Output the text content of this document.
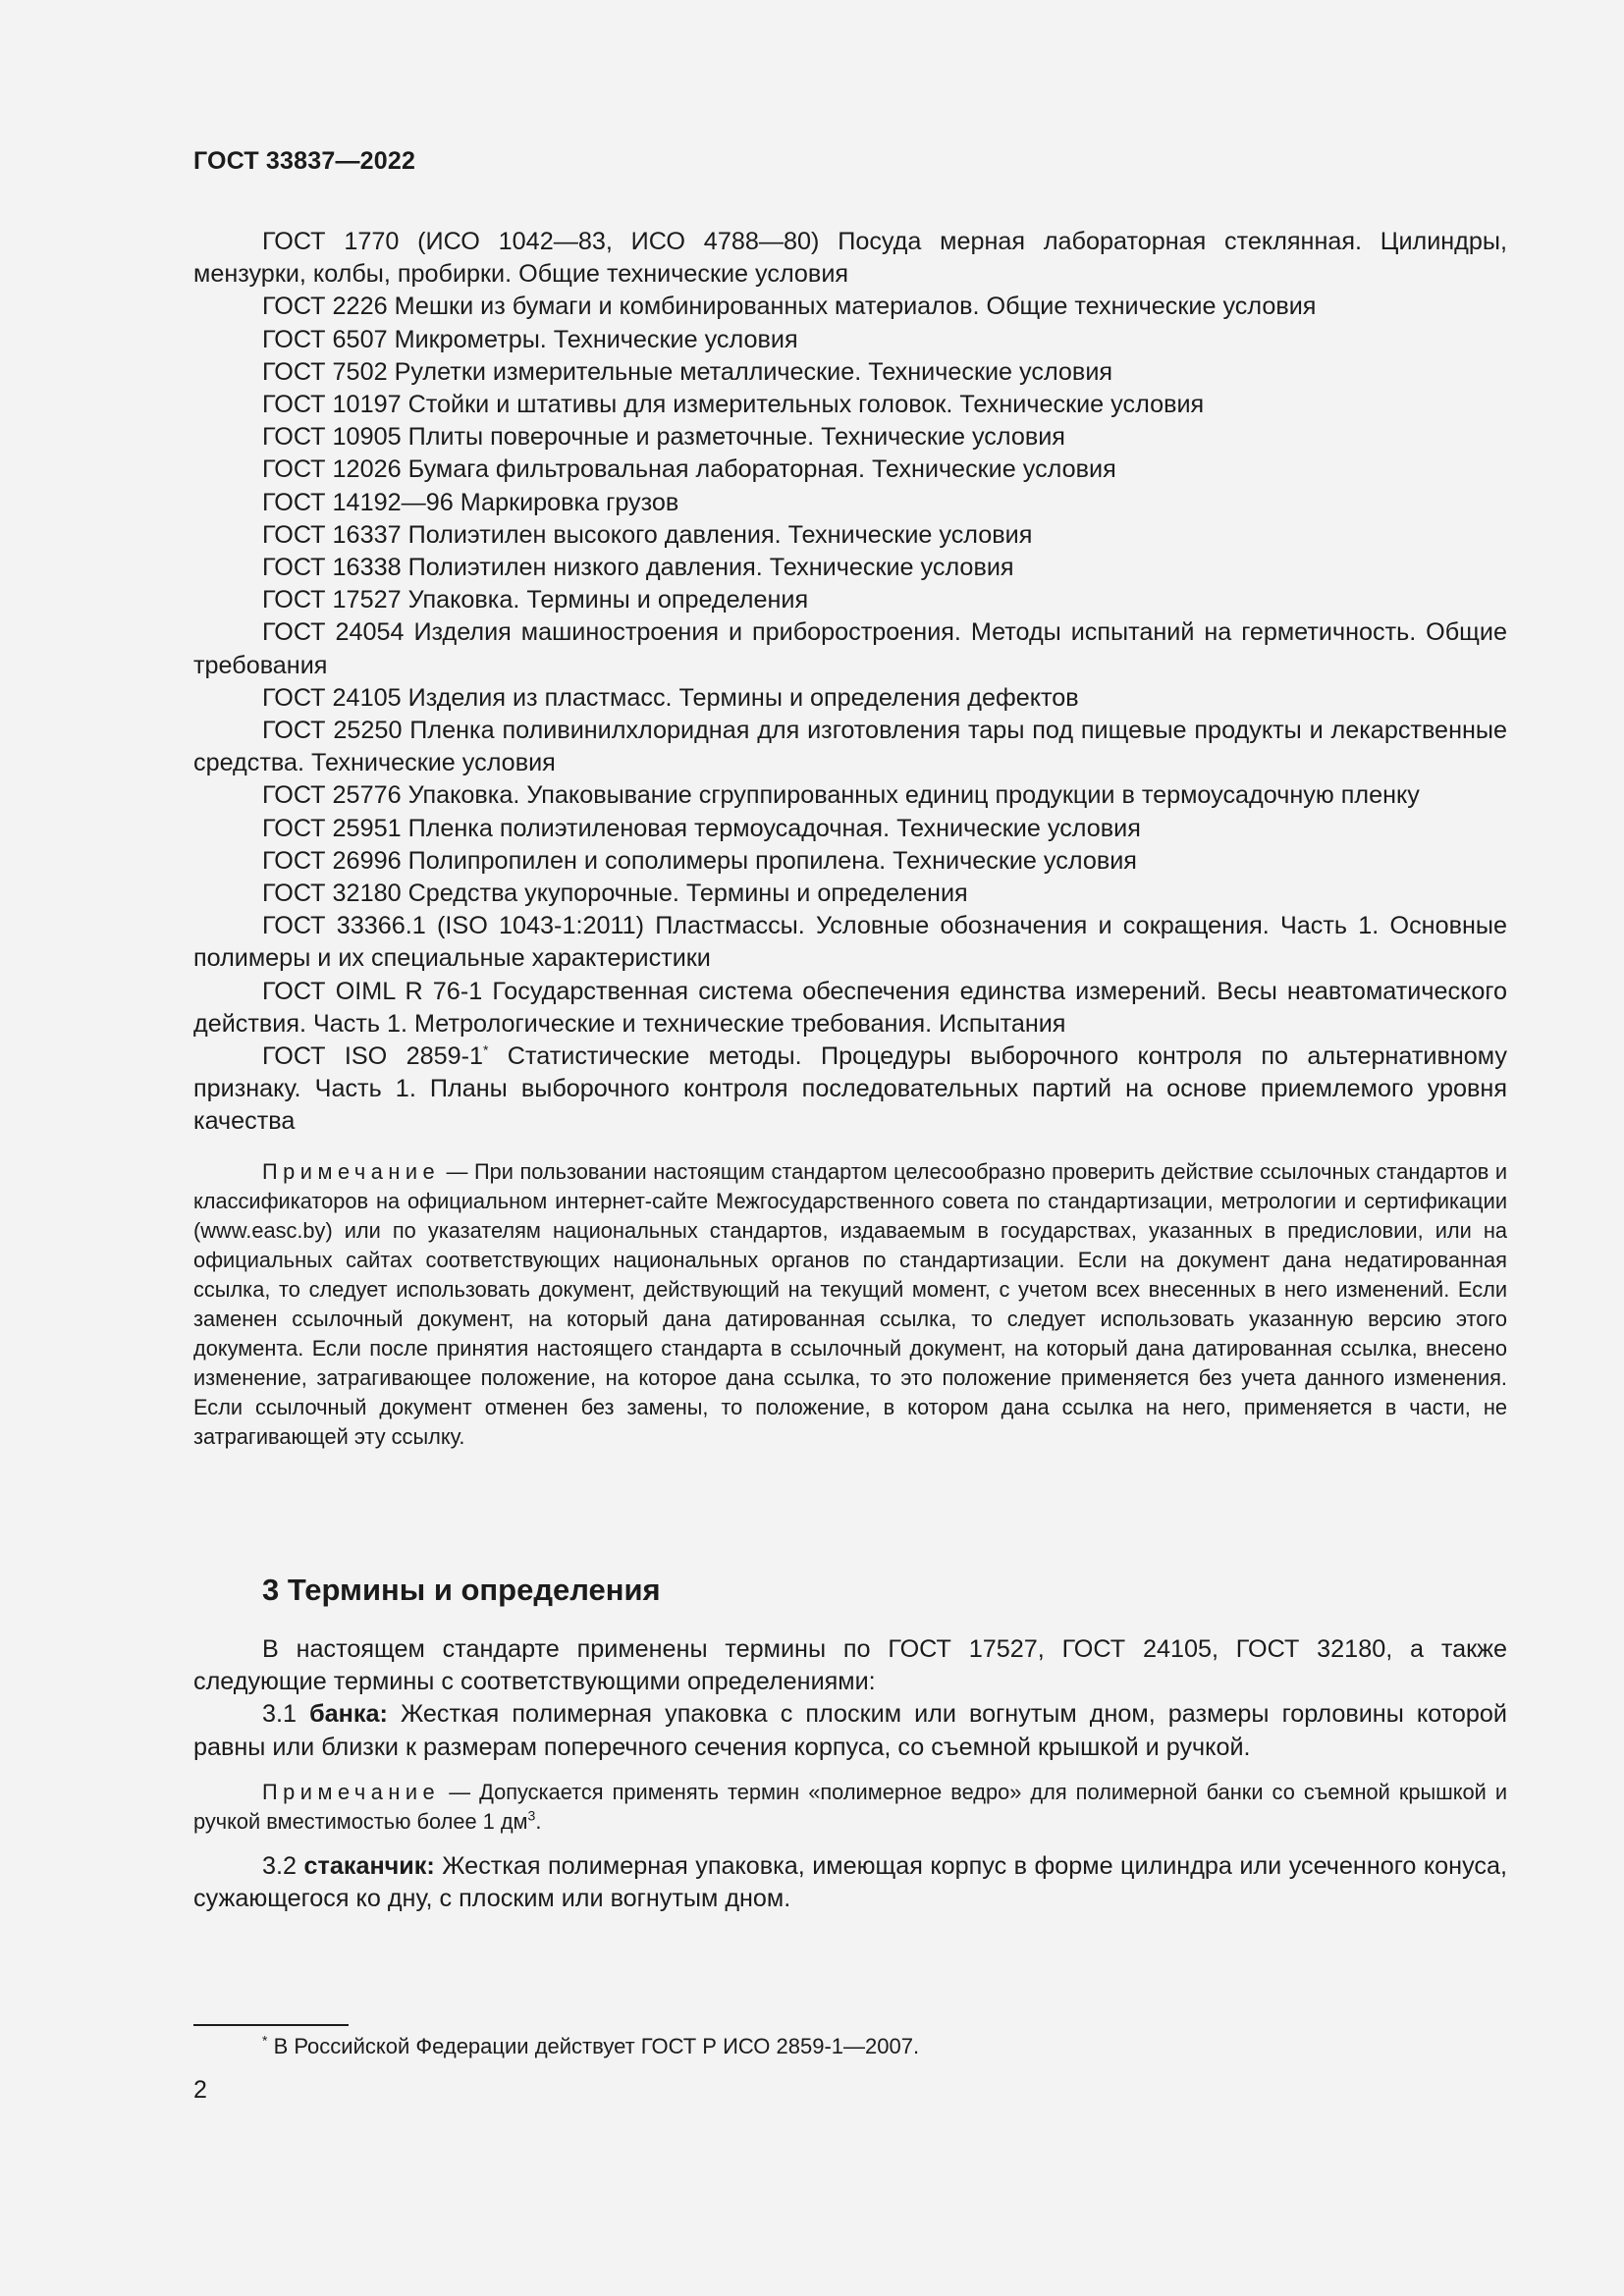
ГОСТ 33837—2022

ГОСТ 1770 (ИСО 1042—83, ИСО 4788—80) Посуда мерная лабораторная стеклянная. Цилиндры, мензурки, колбы, пробирки. Общие технические условия

ГОСТ 2226 Мешки из бумаги и комбинированных материалов. Общие технические условия

ГОСТ 6507 Микрометры. Технические условия

ГОСТ 7502 Рулетки измерительные металлические. Технические условия

ГОСТ 10197 Стойки и штативы для измерительных головок. Технические условия

ГОСТ 10905 Плиты поверочные и разметочные. Технические условия

ГОСТ 12026 Бумага фильтровальная лабораторная. Технические условия

ГОСТ 14192—96 Маркировка грузов

ГОСТ 16337 Полиэтилен высокого давления. Технические условия

ГОСТ 16338 Полиэтилен низкого давления. Технические условия

ГОСТ 17527 Упаковка. Термины и определения

ГОСТ 24054 Изделия машиностроения и приборостроения. Методы испытаний на герметичность. Общие требования

ГОСТ 24105 Изделия из пластмасс. Термины и определения дефектов

ГОСТ 25250 Пленка поливинилхлоридная для изготовления тары под пищевые продукты и лекарственные средства. Технические условия

ГОСТ 25776 Упаковка. Упаковывание сгруппированных единиц продукции в термоусадочную пленку

ГОСТ 25951 Пленка полиэтиленовая термоусадочная. Технические условия

ГОСТ 26996 Полипропилен и сополимеры пропилена. Технические условия

ГОСТ 32180 Средства укупорочные. Термины и определения

ГОСТ 33366.1 (ISO 1043-1:2011) Пластмассы. Условные обозначения и сокращения. Часть 1. Основные полимеры и их специальные характеристики

ГОСТ OIML R 76-1 Государственная система обеспечения единства измерений. Весы неавтоматического действия. Часть 1. Метрологические и технические требования. Испытания

ГОСТ ISO 2859-1* Статистические методы. Процедуры выборочного контроля по альтернативному признаку. Часть 1. Планы выборочного контроля последовательных партий на основе приемлемого уровня качества

Примечание — При пользовании настоящим стандартом целесообразно проверить действие ссылочных стандартов и классификаторов на официальном интернет-сайте Межгосударственного совета по стандартизации, метрологии и сертификации (www.easc.by) или по указателям национальных стандартов, издаваемым в государствах, указанных в предисловии, или на официальных сайтах соответствующих национальных органов по стандартизации. Если на документ дана недатированная ссылка, то следует использовать документ, действующий на текущий момент, с учетом всех внесенных в него изменений. Если заменен ссылочный документ, на который дана датированная ссылка, то следует использовать указанную версию этого документа. Если после принятия настоящего стандарта в ссылочный документ, на который дана датированная ссылка, внесено изменение, затрагивающее положение, на которое дана ссылка, то это положение применяется без учета данного изменения. Если ссылочный документ отменен без замены, то положение, в котором дана ссылка на него, применяется в части, не затрагивающей эту ссылку.

3 Термины и определения

В настоящем стандарте применены термины по ГОСТ 17527, ГОСТ 24105, ГОСТ 32180, а также следующие термины с соответствующими определениями:

3.1 банка: Жесткая полимерная упаковка с плоским или вогнутым дном, размеры горловины которой равны или близки к размерам поперечного сечения корпуса, со съемной крышкой и ручкой.

Примечание — Допускается применять термин «полимерное ведро» для полимерной банки со съемной крышкой и ручкой вместимостью более 1 $дм^3$.

3.2 стаканчик: Жесткая полимерная упаковка, имеющая корпус в форме цилиндра или усеченного конуса, сужающегося ко дну, с плоским или вогнутым дном.

* В Российской Федерации действует ГОСТ Р ИСО 2859-1—2007.
2
